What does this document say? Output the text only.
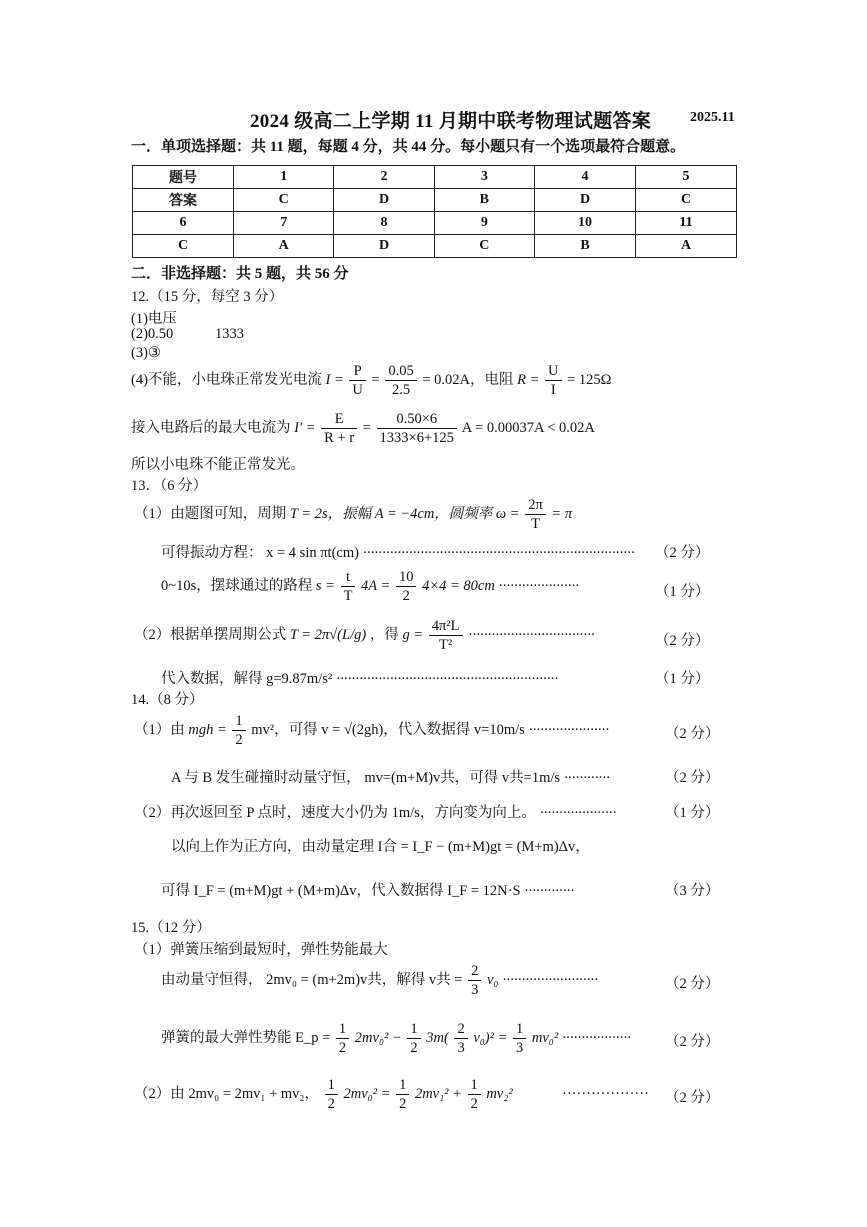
2024 级高二上学期 11 月期中联考物理试题答案	2025.11
一．单项选择题：共 11 题，每题 4 分，共 44 分。每小题只有一个选项最符合题意。
题号	1	2	3	4	5
答案	C	D	B	D	C
6	7	8	9	10	11
C	A	D	C	B	A
二．非选择题：共 5 题，共 56 分
12.（15 分，每空 3 分）
(1)电压
(2)0.50	1333
(3)③
(4)不能，小电珠正常发光电流 $I = \frac{P}{U} = \frac{0.05}{2.5} = 0.02A$，电阻 $R = \frac{U}{I} = 125\Omega$
接入电路后的最大电流为 $I' = \frac{E}{R + r} = \frac{0.50\times 6}{1333\times 6+125}$ A = 0.00037A < 0.02A
所以小电珠不能正常发光。
13．（6 分）
（1）由题图可知，周期 T = 2s，振幅 A = −4cm，圆频率 $\omega = \frac{2\pi}{T} = \pi$
可得振动方程： x = 4 sin πt(cm) ······································································· （2 分）
0~10s，摆球通过的路程 $s = \frac{t}{T} 4A = \frac{10}{2} 4\times 4 = 80cm$ ·····················	（1 分）
（2）根据单摆周期公式 T = 2π√(L/g) ，得 $g = \frac{\text{4π²L}}{\text{T²}}$ ·································	（2 分）
代入数据，解得 g=9.87m/s² ··························································	（1 分）
14.（8 分）
（1）由 mgh = $\frac{1}{2} mv^2$，可得 v = √(2gh)，代入数据得 v=10m/s ·····················	（2 分）
A 与 B 发生碰撞时动量守恒， mv=(m+M)v共，可得 v共=1m/s ············	（2 分）
（2）再次返回至 P 点时，速度大小仍为 1m/s，方向变为向上。 ····················	（1 分）
以向上作为正方向，由动量定理 I合 = I_F − (m+M)gt = (M+m)Δv，
可得 I_F = (m+M)gt + (M+m)Δv，代入数据得 I_F = 12N·S ·············	（3 分）
15.（12 分）
（1）弹簧压缩到最短时，弹性势能最大
由动量守恒得， 2mv₀ = (m+2m)v共，解得 v共 = $\frac{2}{3} v_0$ ·························	（2 分）
弹簧的最大弹性势能 E_p = $\frac{1}{2} 2mv_0^2 - \frac{1}{2} 3m( \frac{2}{3} v_0)^2 = \frac{1}{3} mv_0^2$ ·················· （2 分）
（2）由 2mv₀ = 2mv₁ + mv₂， $\frac{1}{2} 2mv_0^2 = \frac{1}{2} 2mv_1^2 + \frac{1}{2} mv_2^2$	·················· （2 分）
